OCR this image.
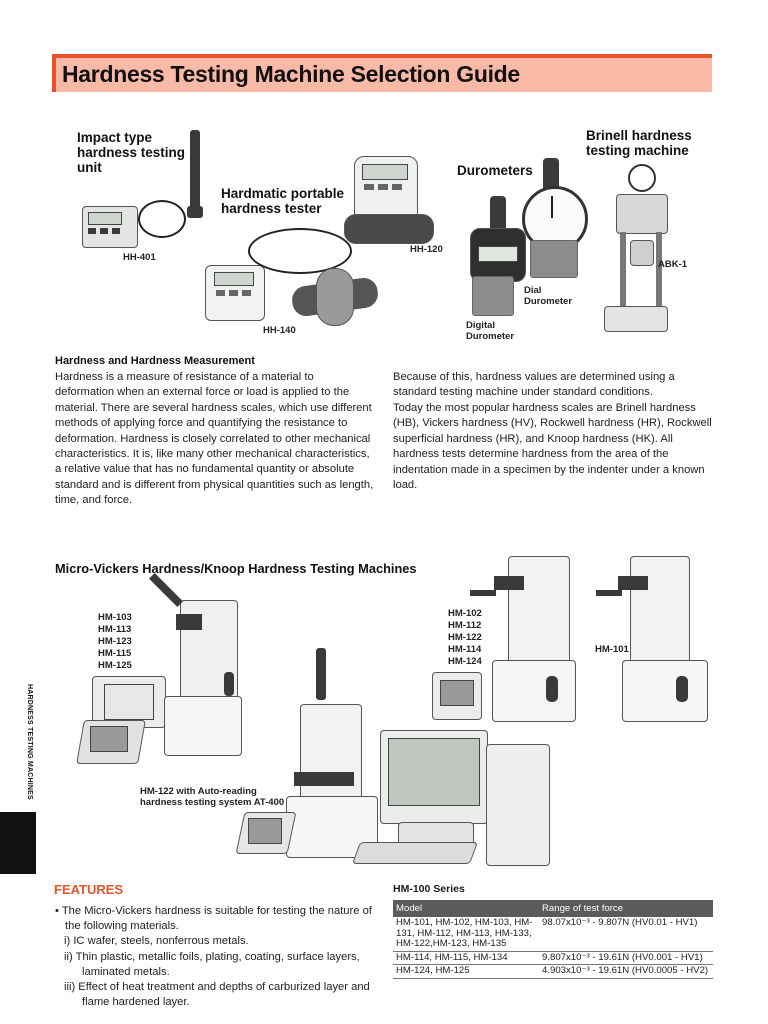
Hardness Testing Machine Selection Guide
Impact type
hardness testing
unit
HH-401
Hardmatic portable
hardness tester
HH-140
HH-120
Durometers
Dial
Durometer
Digital
Durometer
Brinell hardness
testing machine
ABK-1
Hardness and Hardness Measurement
Hardness is a measure of resistance of a material to deformation when an external force or load is applied to the material. There are several hardness scales, which use different methods of applying force and quantifying the resistance to deformation. Hardness is closely correlated to other mechanical characteristics. It is, like many other mechanical characteristics, a relative value that has no fundamental quantity or absolute standard and is different from physical quantities such as length, time, and force.
Because of this, hardness values are determined using a standard testing machine under standard conditions.
Today the most popular hardness scales are Brinell hardness (HB), Vickers hardness (HV), Rockwell hardness (HR), Rockwell superficial hardness (HR), and Knoop hardness (HK). All hardness tests determine hardness from the area of the indentation made in a specimen by the indenter under a known load.
Micro-Vickers Hardness/Knoop Hardness Testing Machines
HM-103
HM-113
HM-123
HM-115
HM-125
HM-102
HM-112
HM-122
HM-114
HM-124
HM-101
HM-122 with Auto-reading
hardness testing system AT-400
HARDNESS TESTING MACHINES
FEATURES
• The Micro-Vickers hardness is suitable for testing the nature of the following materials.
i) IC wafer, steels, nonferrous metals.
ii) Thin plastic, metallic foils, plating, coating, surface layers, laminated metals.
iii) Effect of heat treatment and depths of carburized layer and flame hardened layer.
HM-100 Series
Model	Range of test force
HM-101, HM-102, HM-103, HM-131, HM-112, HM-113, HM-133, HM-122,HM-123, HM-135	98.07x10⁻³ - 9.807N (HV0.01 - HV1)
HM-114, HM-115, HM-134	9.807x10⁻³ - 19.61N (HV0.001 - HV1)
HM-124, HM-125	4.903x10⁻³ - 19.61N (HV0.0005 - HV2)
